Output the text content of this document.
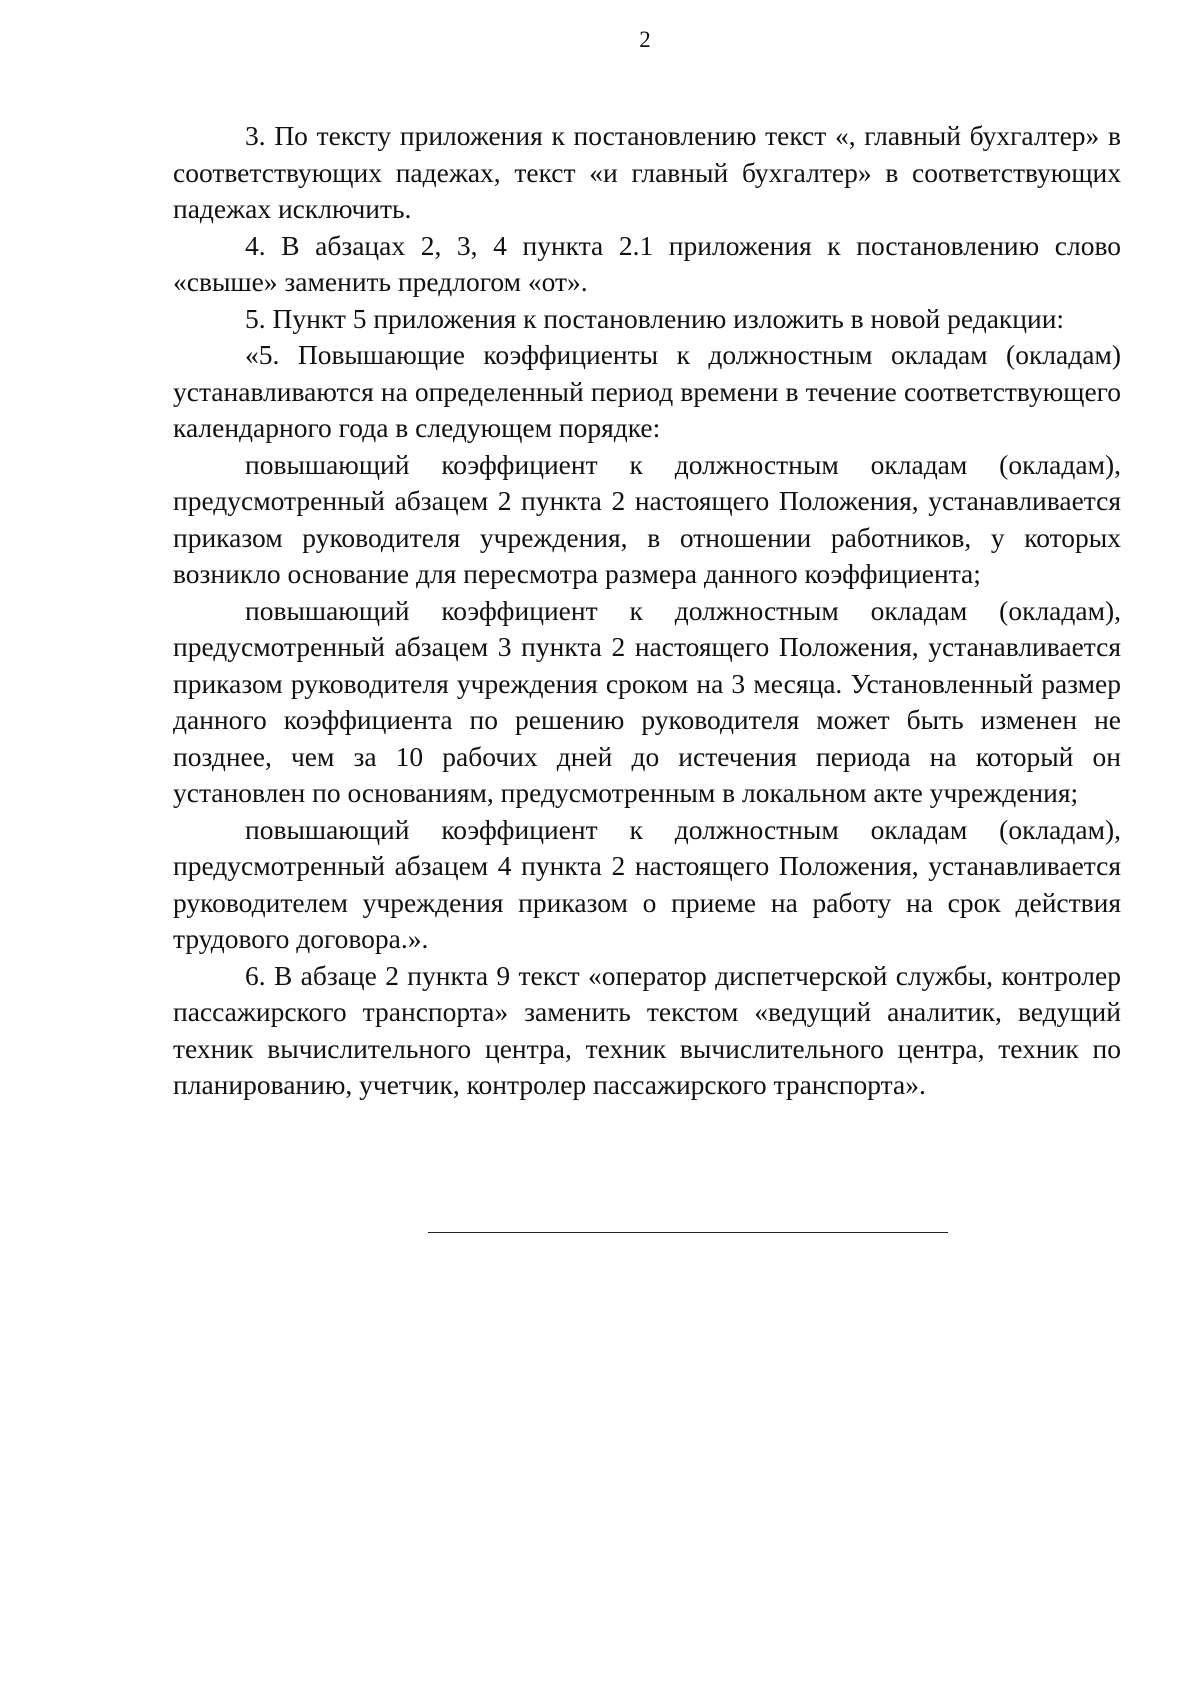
2

3. По тексту приложения к постановлению текст «, главный бухгалтер» в соответствующих падежах, текст «и главный бухгалтер» в соответствующих падежах исключить.

4. В абзацах 2, 3, 4 пункта 2.1 приложения к постановлению слово «свыше» заменить предлогом «от».

5. Пункт 5 приложения к постановлению изложить в новой редакции:

«5. Повышающие коэффициенты к должностным окладам (окладам) устанавливаются на определенный период времени в течение соответствующего календарного года в следующем порядке:

повышающий коэффициент к должностным окладам (окладам), предусмотренный абзацем 2 пункта 2 настоящего Положения, устанавливается приказом руководителя учреждения, в отношении работников, у которых возникло основание для пересмотра размера данного коэффициента;

повышающий коэффициент к должностным окладам (окладам), предусмотренный абзацем 3 пункта 2 настоящего Положения, устанавливается приказом руководителя учреждения сроком на 3 месяца. Установленный размер данного коэффициента по решению руководителя может быть изменен не позднее, чем за 10 рабочих дней до истечения периода на который он установлен по основаниям, предусмотренным в локальном акте учреждения;

повышающий коэффициент к должностным окладам (окладам), предусмотренный абзацем 4 пункта 2 настоящего Положения, устанавливается руководителем учреждения приказом о приеме на работу на срок действия трудового договора.».

6. В абзаце 2 пункта 9 текст «оператор диспетчерской службы, контролер пассажирского транспорта» заменить текстом «ведущий аналитик, ведущий техник вычислительного центра, техник вычислительного центра, техник по планированию, учетчик, контролер пассажирского транспорта».
